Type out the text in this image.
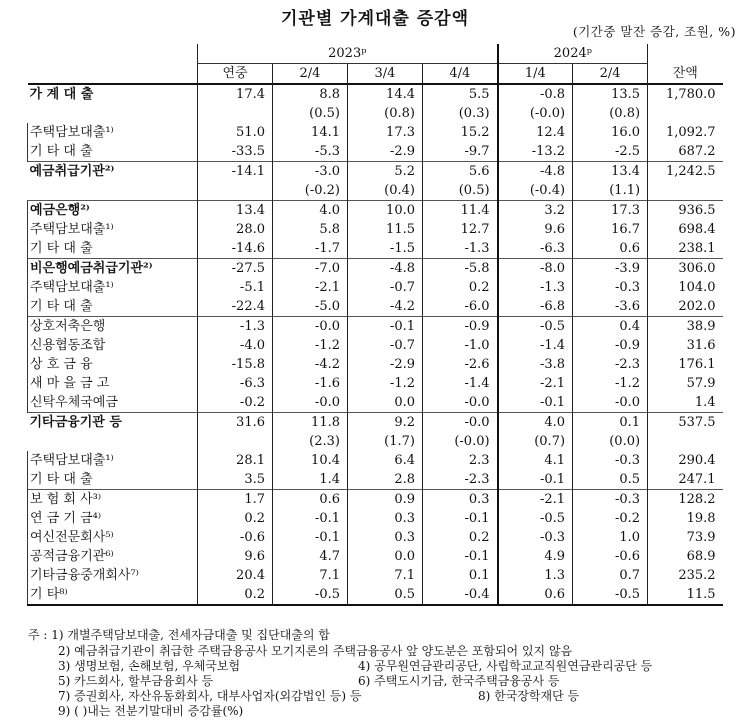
기관별 가계대출 증감액
(기간중 말잔 증감, 조원, %)
	2023ᵖ				2024ᵖ		
	연중	2/4	3/4	4/4	1/4	2/4	잔액
가 계 대 출	17.4	8.8	14.4	5.5	-0.8	13.5	1,780.0
		(0.5)	(0.8)	(0.3)	(-0.0)	(0.8)	
주택담보대출¹⁾	51.0	14.1	17.3	15.2	12.4	16.0	1,092.7
기 타 대 출	-33.5	-5.3	-2.9	-9.7	-13.2	-2.5	687.2
예금취급기관²⁾	-14.1	-3.0	5.2	5.6	-4.8	13.4	1,242.5
		(-0.2)	(0.4)	(0.5)	(-0.4)	(1.1)	
예금은행²⁾	13.4	4.0	10.0	11.4	3.2	17.3	936.5
주택담보대출¹⁾	28.0	5.8	11.5	12.7	9.6	16.7	698.4
기 타 대 출	-14.6	-1.7	-1.5	-1.3	-6.3	0.6	238.1
비은행예금취급기관²⁾	-27.5	-7.0	-4.8	-5.8	-8.0	-3.9	306.0
주택담보대출¹⁾	-5.1	-2.1	-0.7	0.2	-1.3	-0.3	104.0
기 타 대 출	-22.4	-5.0	-4.2	-6.0	-6.8	-3.6	202.0
상호저축은행	-1.3	-0.0	-0.1	-0.9	-0.5	0.4	38.9
신용협동조합	-4.0	-1.2	-0.7	-1.0	-1.4	-0.9	31.6
상 호 금 융	-15.8	-4.2	-2.9	-2.6	-3.8	-2.3	176.1
새 마 을 금 고	-6.3	-1.6	-1.2	-1.4	-2.1	-1.2	57.9
신탁우체국예금	-0.2	-0.0	0.0	-0.0	-0.1	-0.0	1.4
기타금융기관 등	31.6	11.8	9.2	-0.0	4.0	0.1	537.5
		(2.3)	(1.7)	(-0.0)	(0.7)	(0.0)	
주택담보대출¹⁾	28.1	10.4	6.4	2.3	4.1	-0.3	290.4
기 타 대 출	3.5	1.4	2.8	-2.3	-0.1	0.5	247.1
보 험 회 사³⁾	1.7	0.6	0.9	0.3	-2.1	-0.3	128.2
연 금 기 금⁴⁾	0.2	-0.1	0.3	-0.1	-0.5	-0.2	19.8
여신전문회사⁵⁾	-0.6	-0.1	0.3	0.2	-0.3	1.0	73.9
공적금융기관⁶⁾	9.6	4.7	0.0	-0.1	4.9	-0.6	68.9
기타금융중개회사⁷⁾	20.4	7.1	7.1	0.1	1.3	0.7	235.2
기 타⁸⁾	0.2	-0.5	0.5	-0.4	0.6	-0.5	11.5
주 : 1) 개별주택담보대출, 전세자금대출 및 집단대출의 합
2) 예금취급기관이 취급한 주택금융공사 모기지론의 주택금융공사 앞 양도분은 포함되어 있지 않음
3) 생명보험, 손해보험, 우체국보험	4) 공무원연금관리공단, 사립학교교직원연금관리공단 등
5) 카드회사, 할부금융회사 등	6) 주택도시기금, 한국주택금융공사 등
7) 증권회사, 자산유동화회사, 대부사업자(외감법인 등) 등	8) 한국장학재단 등
9) ( )내는 전분기말대비 증감률(%)
